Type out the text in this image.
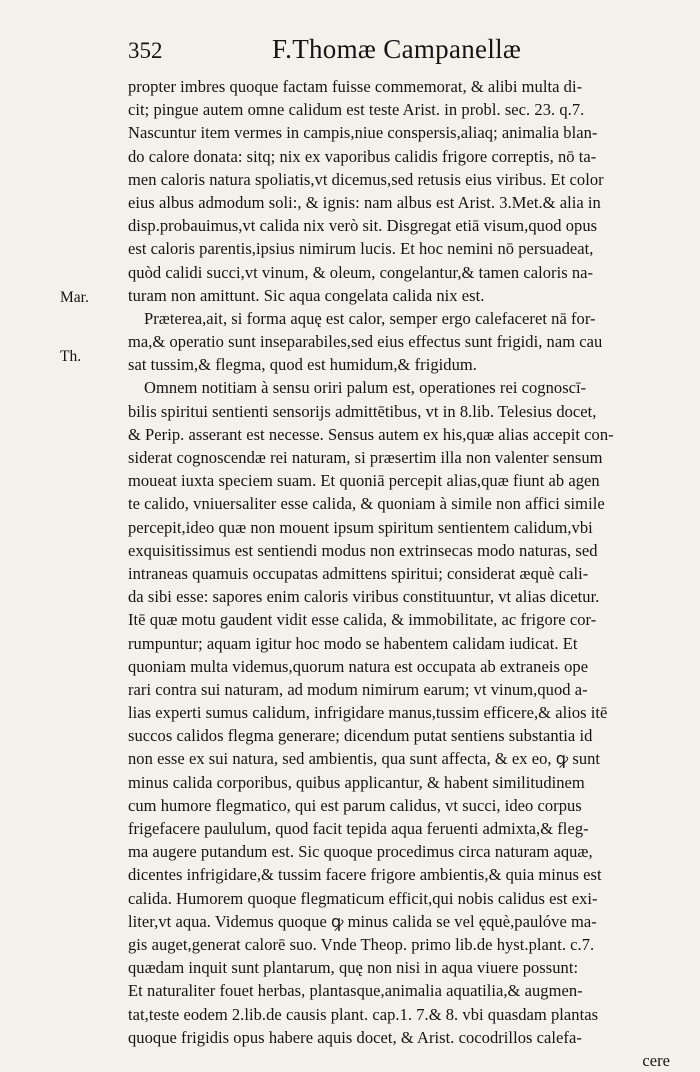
352	F.Thomæ Campanellæ
Mar.
Th.
propter imbres quoque factam fuisse commemorat, & alibi multa di-
cit; pingue autem omne calidum est teste Arist. in probl. sec. 23. q.7.
Nascuntur item vermes in campis,niue conspersis,aliaq; animalia blan-
do calore donata: sitq; nix ex vaporibus calidis frigore correptis, nō ta-
men caloris natura spoliatis,vt dicemus,sed retusis eius viribus. Et color
eius albus admodum soli:, & ignis: nam albus est Arist. 3.Met.& alia in
disp.probauimus,vt calida nix verò sit. Disgregat etiā visum,quod opus
est caloris parentis,ipsius nimirum lucis. Et hoc nemini nō persuadeat,
quòd calidi succi,vt vinum, & oleum, congelantur,& tamen caloris na-
turam non amittunt. Sic aqua congelata calida nix est.
Præterea,ait, si forma aquę est calor, semper ergo calefaceret nā for-
ma,& operatio sunt inseparabiles,sed eius effectus sunt frigidi, nam cau
sat tussim,& flegma, quod est humidum,& frigidum.
Omnem notitiam à sensu oriri palum est, operationes rei cognoscī-
bilis spiritui sentienti sensorijs admittētibus, vt in 8.lib. Telesius docet,
& Perip. asserant est necesse. Sensus autem ex his,quæ alias accepit con-
siderat cognoscendæ rei naturam, si præsertim illa non valenter sensum
moueat iuxta speciem suam. Et quoniā percepit alias,quæ fiunt ab agen
te calido, vniuersaliter esse calida, & quoniam à simile non affici simile
percepit,ideo quæ non mouent ipsum spiritum sentientem calidum,vbi
exquisitissimus est sentiendi modus non extrinsecas modo naturas, sed
intraneas quamuis occupatas admittens spiritui; considerat æquè cali-
da sibi esse: sapores enim caloris viribus constituuntur, vt alias dicetur.
Itē quæ motu gaudent vidit esse calida, & immobilitate, ac frigore cor-
rumpuntur; aquam igitur hoc modo se habentem calidam iudicat. Et
quoniam multa videmus,quorum natura est occupata ab extraneis ope
rari contra sui naturam, ad modum nimirum earum; vt vinum,quod a-
lias experti sumus calidum, infrigidare manus,tussim efficere,& alios itē
succos calidos flegma generare; dicendum putat sentiens substantia id
non esse ex sui natura, sed ambientis, qua sunt affecta, & ex eo, ꝙ sunt
minus calida corporibus, quibus applicantur, & habent similitudinem
cum humore flegmatico, qui est parum calidus, vt succi, ideo corpus
frigefacere paululum, quod facit tepida aqua feruenti admixta,& fleg-
ma augere putandum est. Sic quoque procedimus circa naturam aquæ,
dicentes infrigidare,& tussim facere frigore ambientis,& quia minus est
calida. Humorem quoque flegmaticum efficit,qui nobis calidus est exi-
liter,vt aqua. Videmus quoque ꝙ minus calida se vel ęquè,paulóve ma-
gis auget,generat calorē suo. Vnde Theop. primo lib.de hyst.plant. c.7.
quædam inquit sunt plantarum, quę non nisi in aqua viuere possunt:
Et naturaliter fouet herbas, plantasque,animalia aquatilia,& augmen-
tat,teste eodem 2.lib.de causis plant. cap.1. 7.& 8. vbi quasdam plantas
quoque frigidis opus habere aquis docet, & Arist. cocodrillos calefa-
cere
